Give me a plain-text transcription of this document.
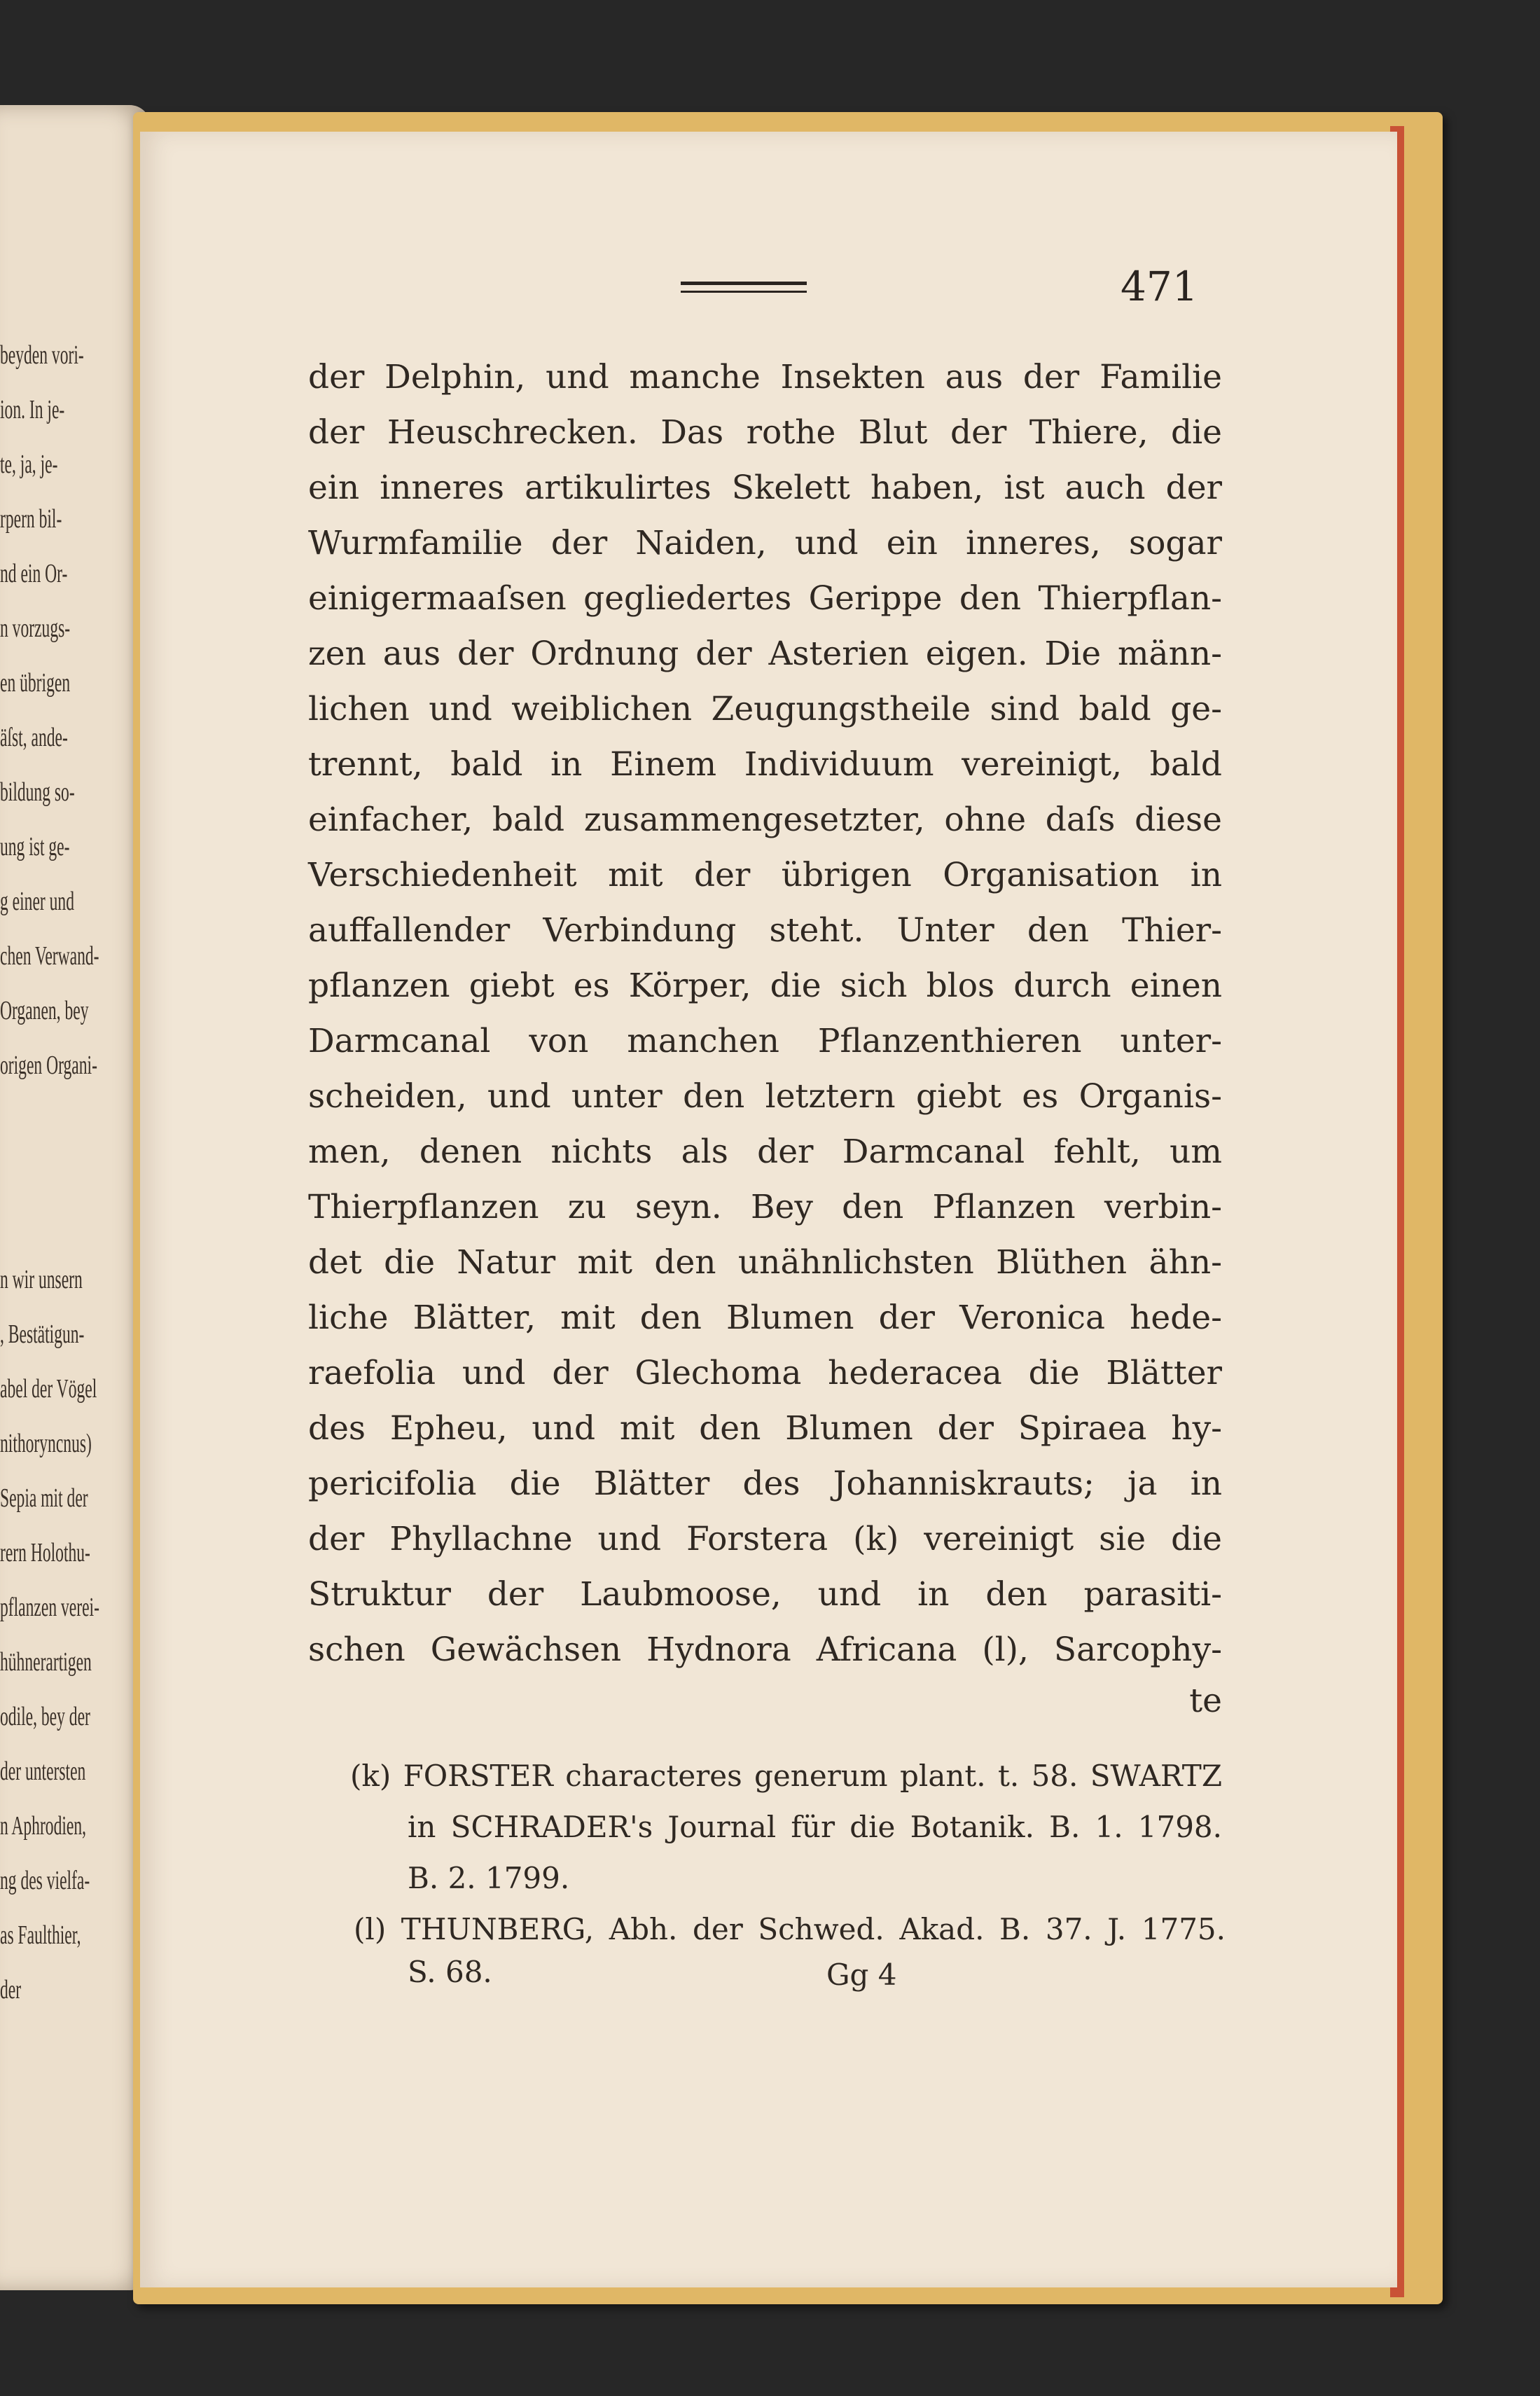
beyden vori-
ion. In je-
te, ja, je-
rpern bil-
nd ein Or-
n vorzugs-
en übrigen
äſst, ande-
bildung so-
ung ist ge-
g einer und
chen Verwand-
Organen, bey
origen Organi-
n wir unsern
, Bestätigun-
abel der Vögel
nithoryncnus)
Sepia mit der
rern Holothu-
pflanzen verei-
hühnerartigen
odile, bey der
der untersten
n Aphrodien,
ng des vielfa-
as Faulthier,
der
471
der Delphin, und manche Insekten aus der Familie
der Heuschrecken. Das rothe Blut der Thiere, die
ein inneres artikulirtes Skelett haben, ist auch der
Wurmfamilie der Naiden, und ein inneres, sogar
einigermaaſsen gegliedertes Gerippe den Thierpflan-
zen aus der Ordnung der Asterien eigen. Die männ-
lichen und weiblichen Zeugungstheile sind bald ge-
trennt, bald in Einem Individuum vereinigt, bald
einfacher, bald zusammengesetzter, ohne daſs diese
Verschiedenheit mit der übrigen Organisation in
auffallender Verbindung steht. Unter den Thier-
pflanzen giebt es Körper, die sich blos durch einen
Darmcanal von manchen Pflanzenthieren unter-
scheiden, und unter den letztern giebt es Organis-
men, denen nichts als der Darmcanal fehlt, um
Thierpflanzen zu seyn. Bey den Pflanzen verbin-
det die Natur mit den unähnlichsten Blüthen ähn-
liche Blätter, mit den Blumen der Veronica hede-
raefolia und der Glechoma hederacea die Blätter
des Epheu, und mit den Blumen der Spiraea hy-
pericifolia die Blätter des Johanniskrauts; ja in
der Phyllachne und Forstera (k) vereinigt sie die
Struktur der Laubmoose, und in den parasiti-
schen Gewächsen Hydnora Africana (l), Sarcophy-
te
(k) FORSTER characteres generum plant. t. 58. SWARTZ
in SCHRADER's Journal für die Botanik. B. 1. 1798.
B. 2. 1799.
(l) THUNBERG, Abh. der Schwed. Akad. B. 37. J. 1775.
S. 68.	Gg 4
